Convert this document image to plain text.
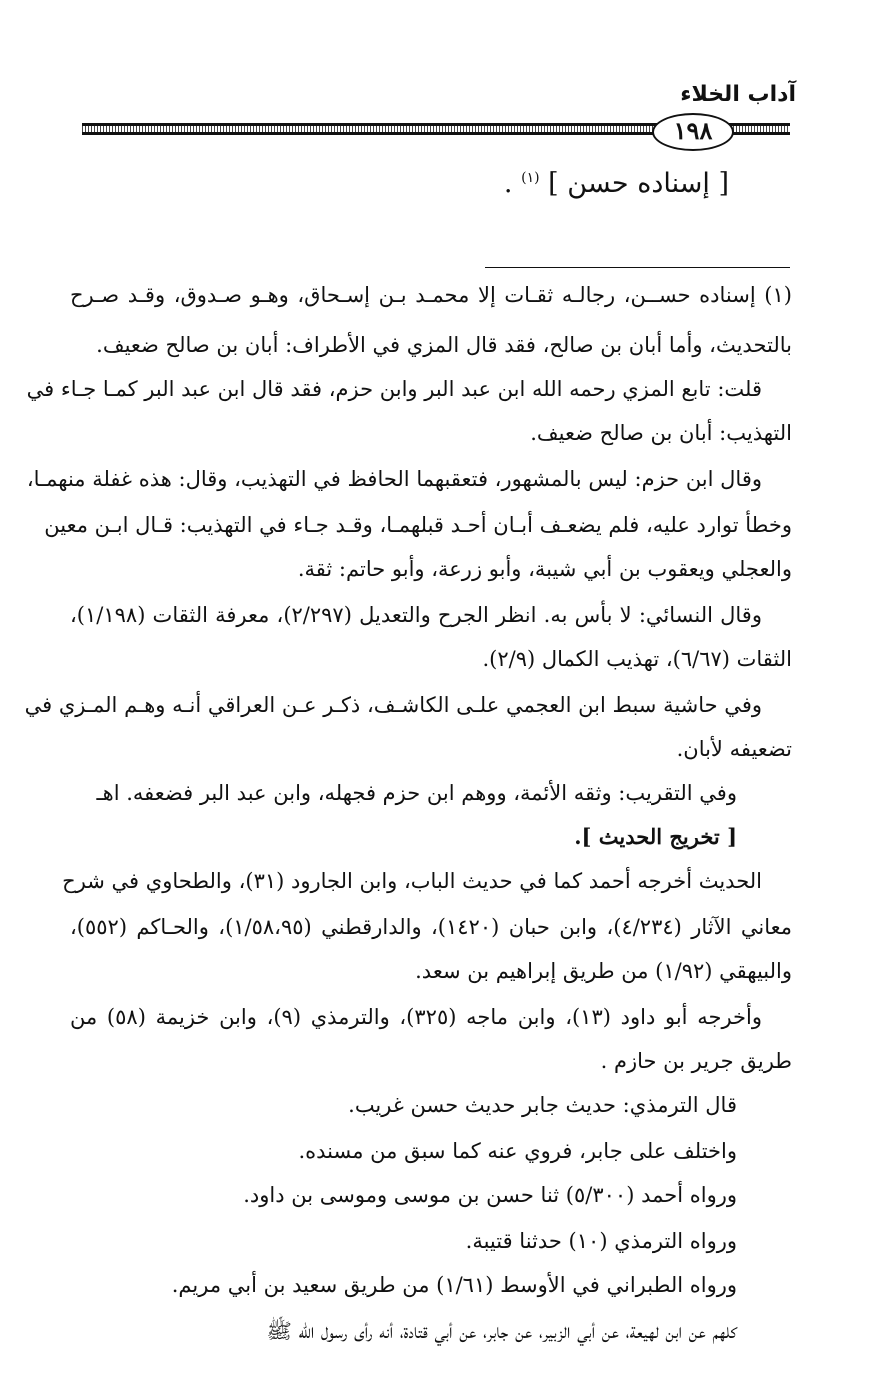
آداب الخلاء
١٩٨
[ إسناده حسن ] $^{(١)}$ .
(١) إسناده حســن، رجالـه ثقـات إلا محمـد بـن إسـحاق، وهـو صـدوق، وقـد صـرح
بالتحديث، وأما أبان بن صالح، فقد قال المزي في الأطراف: أبان بن صالح ضعيف.
قلت: تابع المزي رحمه الله ابن عبد البر وابن حزم، فقد قال ابن عبد البر كمـا جـاء في
التهذيب: أبان بن صالح ضعيف.
وقال ابن حزم: ليس بالمشهور، فتعقبهما الحافظ في التهذيب، وقال: هذه غفلة منهمـا،
وخطأ توارد عليه، فلم يضعـف أبـان أحـد قبلهمـا، وقـد جـاء في التهذيب: قـال ابـن معين
والعجلي ويعقوب بن أبي شيبة، وأبو زرعة، وأبو حاتم: ثقة.
وقال النسائي: لا بأس به. انظر الجرح والتعديل (٢/٢٩٧)، معرفة الثقات (١/١٩٨)،
الثقات (٦/٦٧)، تهذيب الكمال (٢/٩).
وفي حاشية سبط ابن العجمي علـى الكاشـف، ذكـر عـن العراقي أنـه وهـم المـزي في
تضعيفه لأبان.
وفي التقريب: وثقه الأئمة، ووهم ابن حزم فجهله، وابن عبد البر فضعفه. اهـ
[ تخريج الحديث ].
الحديث أخرجه أحمد كما في حديث الباب، وابن الجارود (٣١)، والطحاوي في شرح
معاني الآثار (٤/٢٣٤)، وابن حبان (١٤٢٠)، والدارقطني (١/٥٨،٩٥)، والحـاكم (٥٥٢)،
والبيهقي (١/٩٢) من طريق إبراهيم بن سعد.
وأخرجه أبو داود (١٣)، وابن ماجه (٣٢٥)، والترمذي (٩)، وابن خزيمة (٥٨) من
طريق جرير بن حازم .
قال الترمذي: حديث جابر حديث حسن غريب.
واختلف على جابر، فروي عنه كما سبق من مسنده.
ورواه أحمد (٥/٣٠٠) ثنا حسن بن موسى وموسى بن داود.
ورواه الترمذي (١٠) حدثنا قتيبة.
ورواه الطبراني في الأوسط (١/٦١) من طريق سعيد بن أبي مريم.
كلهم عن ابن لهيعة، عن أبي الزبير، عن جابر، عن أبي قتادة، أنه رأى رسول الله ﷺ
